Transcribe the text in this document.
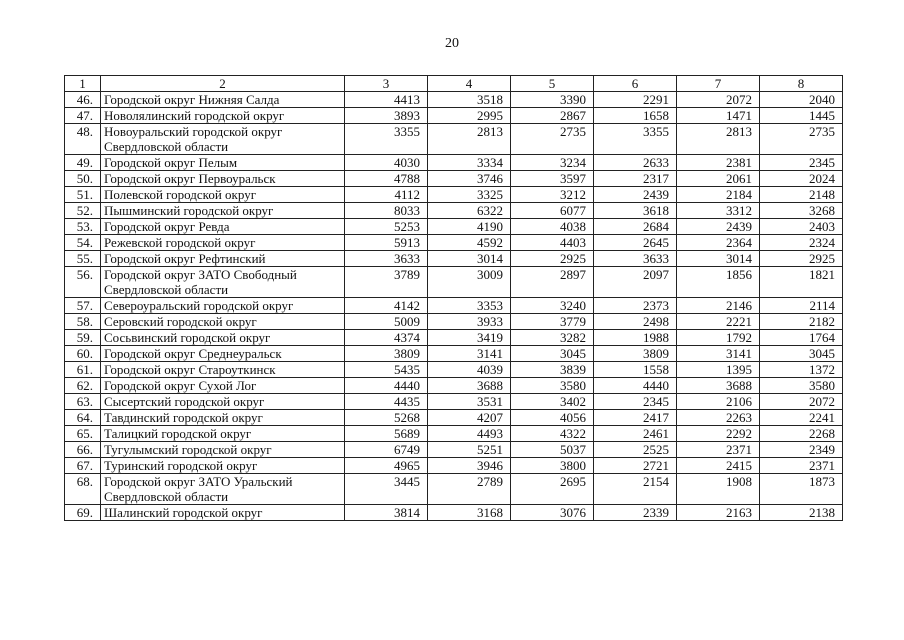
20
1	2	3	4	5	6	7	8
46.	Городской округ Нижняя Салда	4413	3518	3390	2291	2072	2040
47.	Новолялинский городской округ	3893	2995	2867	1658	1471	1445
48.	Новоуральский городской округ Свердловской области	3355	2813	2735	3355	2813	2735
49.	Городской округ Пелым	4030	3334	3234	2633	2381	2345
50.	Городской округ Первоуральск	4788	3746	3597	2317	2061	2024
51.	Полевской городской округ	4112	3325	3212	2439	2184	2148
52.	Пышминский городской округ	8033	6322	6077	3618	3312	3268
53.	Городской округ Ревда	5253	4190	4038	2684	2439	2403
54.	Режевской городской округ	5913	4592	4403	2645	2364	2324
55.	Городской округ Рефтинский	3633	3014	2925	3633	3014	2925
56.	Городской округ ЗАТО Свободный Свердловской области	3789	3009	2897	2097	1856	1821
57.	Североуральский городской округ	4142	3353	3240	2373	2146	2114
58.	Серовский городской округ	5009	3933	3779	2498	2221	2182
59.	Сосьвинский городской округ	4374	3419	3282	1988	1792	1764
60.	Городской округ Среднеуральск	3809	3141	3045	3809	3141	3045
61.	Городской округ Староуткинск	5435	4039	3839	1558	1395	1372
62.	Городской округ Сухой Лог	4440	3688	3580	4440	3688	3580
63.	Сысертский городской округ	4435	3531	3402	2345	2106	2072
64.	Тавдинский городской округ	5268	4207	4056	2417	2263	2241
65.	Талицкий городской округ	5689	4493	4322	2461	2292	2268
66.	Тугулымский городской округ	6749	5251	5037	2525	2371	2349
67.	Туринский городской округ	4965	3946	3800	2721	2415	2371
68.	Городской округ ЗАТО Уральский Свердловской области	3445	2789	2695	2154	1908	1873
69.	Шалинский городской округ	3814	3168	3076	2339	2163	2138
